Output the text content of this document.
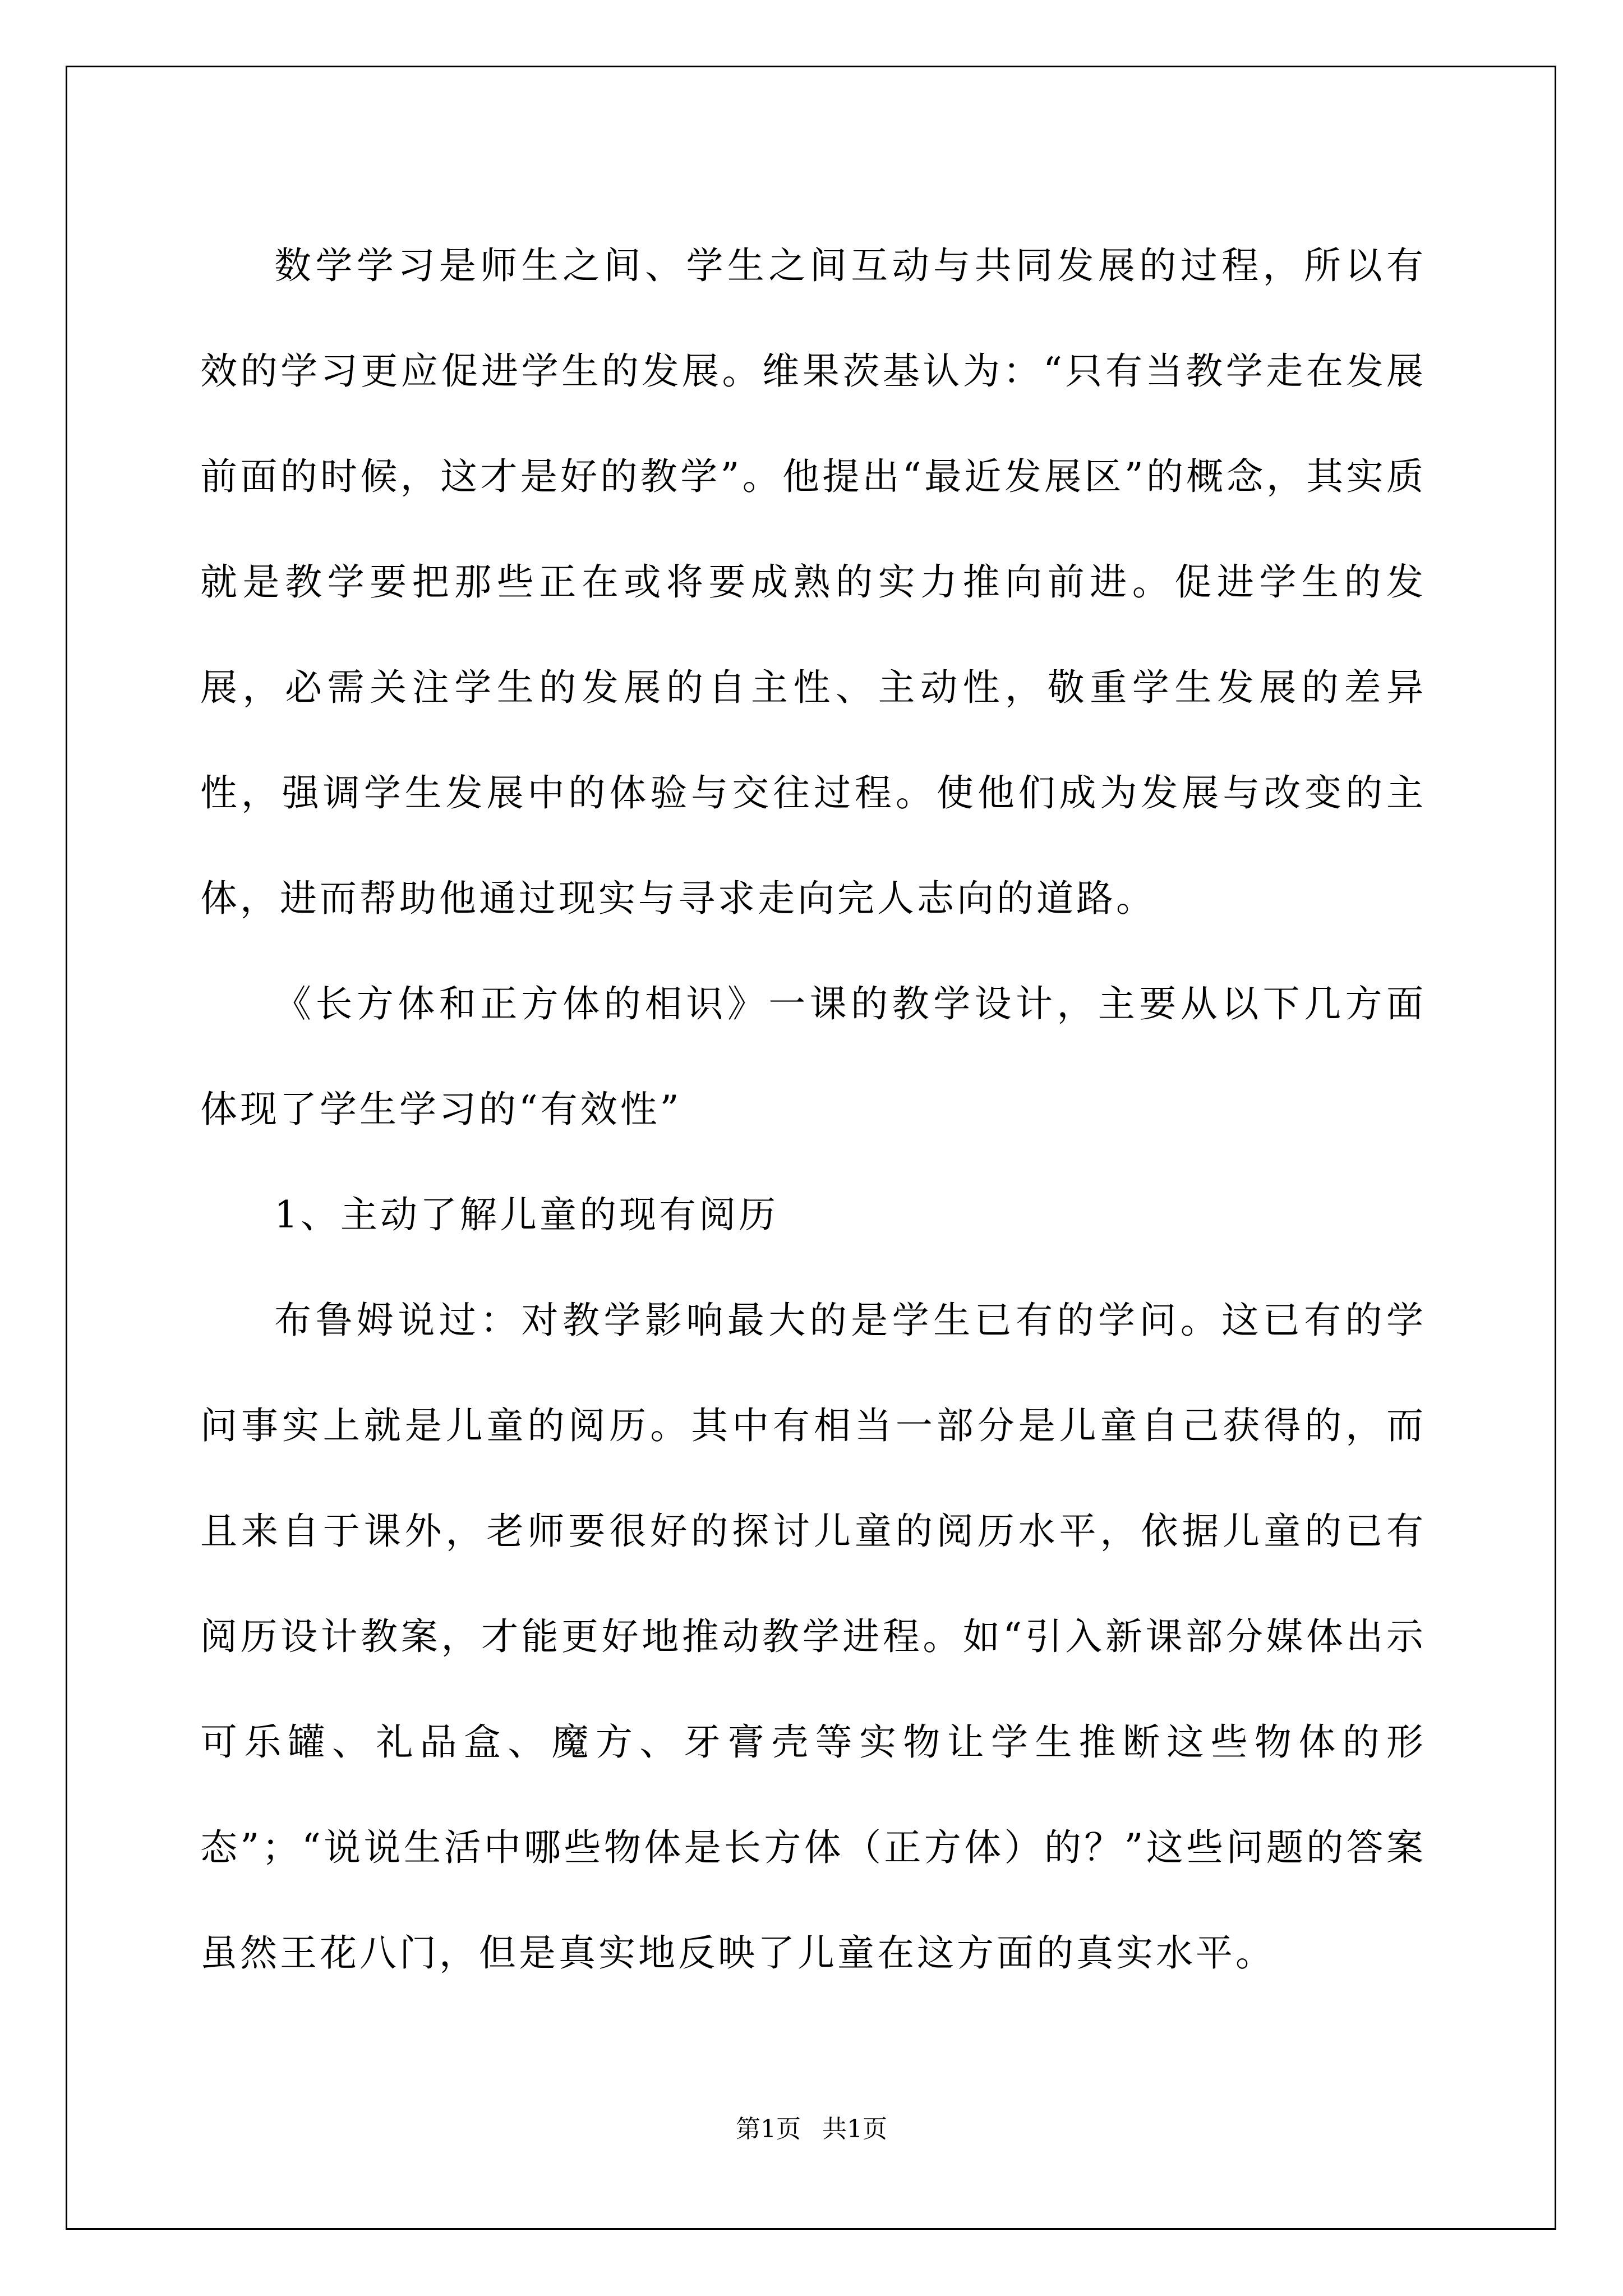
数学学习是师生之间、学生之间互动与共同发展的过程，所以有效的学习更应促进学生的发展。维果茨基认为：“只有当教学走在发展前面的时候，这才是好的教学”。他提出“最近发展区”的概念，其实质就是教学要把那些正在或将要成熟的实力推向前进。促进学生的发展，必需关注学生的发展的自主性、主动性，敬重学生发展的差异性，强调学生发展中的体验与交往过程。使他们成为发展与改变的主体，进而帮助他通过现实与寻求走向完人志向的道路。

《长方体和正方体的相识》一课的教学设计，主要从以下几方面体现了学生学习的“有效性”

1、主动了解儿童的现有阅历

布鲁姆说过：对教学影响最大的是学生已有的学问。这已有的学问事实上就是儿童的阅历。其中有相当一部分是儿童自己获得的，而且来自于课外，老师要很好的探讨儿童的阅历水平，依据儿童的已有阅历设计教案，才能更好地推动教学进程。如“引入新课部分媒体出示可乐罐、礼品盒、魔方、牙膏壳等实物让学生推断这些物体的形态”；“说说生活中哪些物体是长方体（正方体）的？”这些问题的答案虽然王花八门，但是真实地反映了儿童在这方面的真实水平。

第1页 共1页
